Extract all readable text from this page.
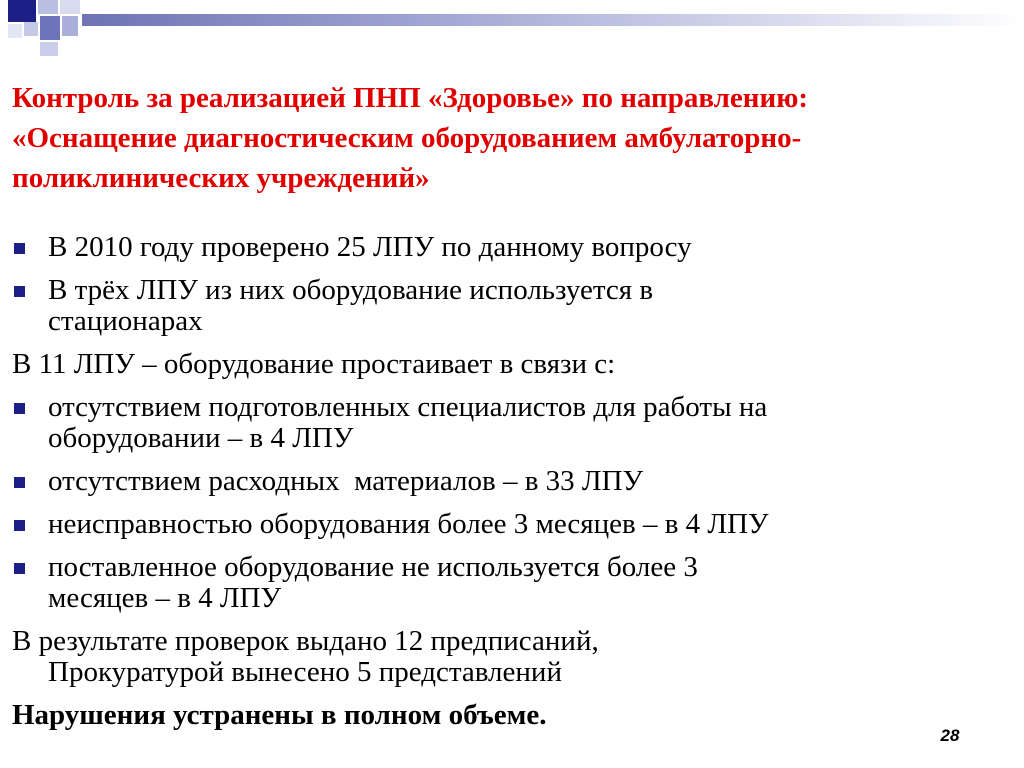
Контроль за реализацией ПНП «Здоровье» по направлению:
«Оснащение диагностическим оборудованием амбулаторно-
поликлинических учреждений»
В 2010 году проверено 25 ЛПУ по данному вопросу
В трёх ЛПУ из них оборудование используется в
стационарах
В 11 ЛПУ – оборудование простаивает в связи с:
отсутствием подготовленных специалистов для работы на
оборудовании – в 4 ЛПУ
отсутствием расходных  материалов – в 33 ЛПУ
неисправностью оборудования более 3 месяцев – в 4 ЛПУ
поставленное оборудование не используется более 3
месяцев – в 4 ЛПУ
В результате проверок выдано 12 предписаний,
Прокуратурой вынесено 5 представлений
Нарушения устранены в полном объеме.
28
